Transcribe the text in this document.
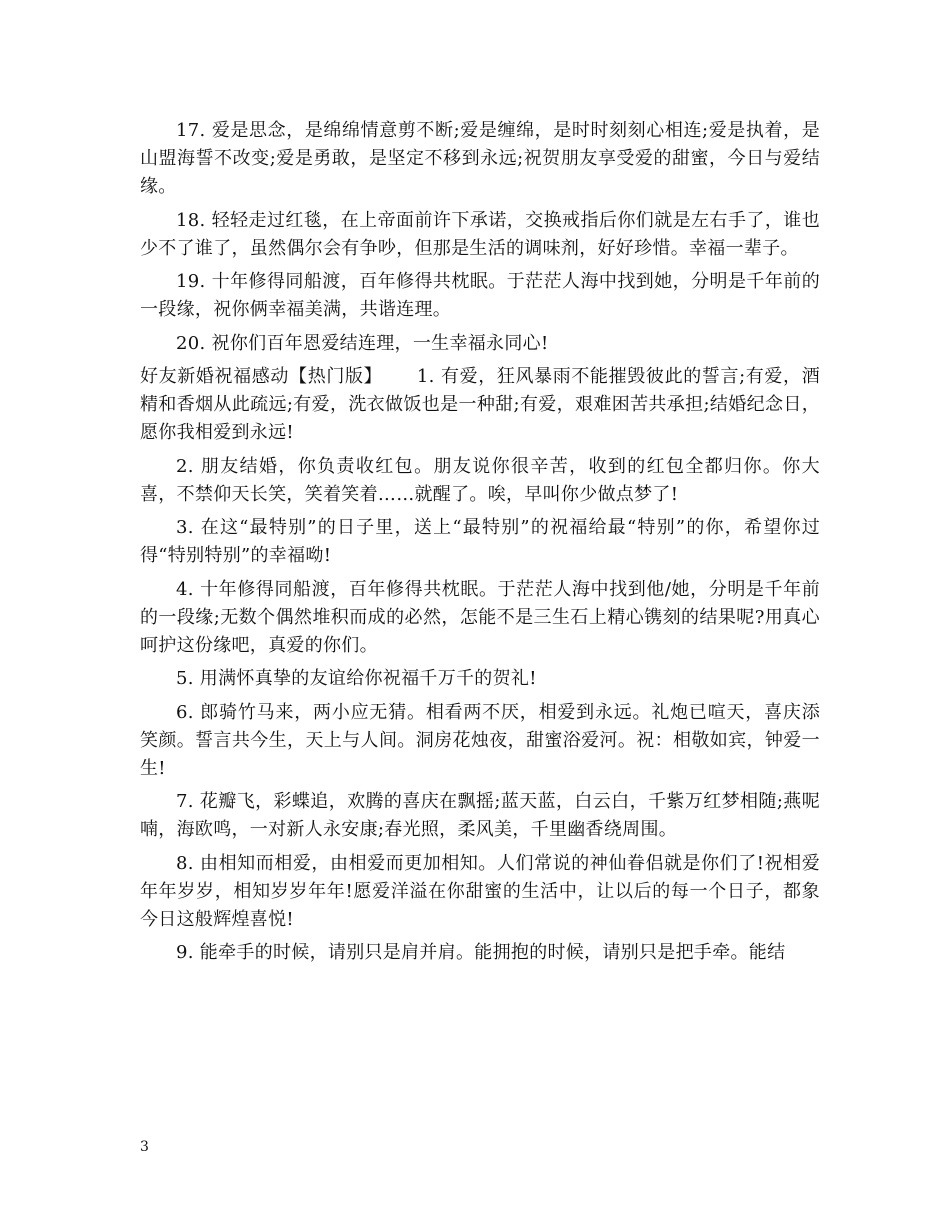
17. 爱是思念，是绵绵情意剪不断;爱是缠绵，是时时刻刻心相连;爱是执着，是山盟海誓不改变;爱是勇敢，是坚定不移到永远;祝贺朋友享受爱的甜蜜，今日与爱结缘。

18. 轻轻走过红毯，在上帝面前许下承诺，交换戒指后你们就是左右手了，谁也少不了谁了，虽然偶尔会有争吵，但那是生活的调味剂，好好珍惜。幸福一辈子。

19. 十年修得同船渡，百年修得共枕眠。于茫茫人海中找到她，分明是千年前的一段缘，祝你俩幸福美满，共谐连理。

20. 祝你们百年恩爱结连理，一生幸福永同心!

好友新婚祝福感动【热门版】　　 1. 有爱，狂风暴雨不能摧毁彼此的誓言;有爱，酒精和香烟从此疏远;有爱，洗衣做饭也是一种甜;有爱，艰难困苦共承担;结婚纪念日，愿你我相爱到永远!

2. 朋友结婚，你负责收红包。朋友说你很辛苦，收到的红包全都归你。你大喜，不禁仰天长笑，笑着笑着……就醒了。唉，早叫你少做点梦了!

3. 在这“最特别”的日子里，送上“最特别”的祝福给最“特别”的你，希望你过得“特别特别”的幸福呦!

4. 十年修得同船渡，百年修得共枕眠。于茫茫人海中找到他/她，分明是千年前的一段缘;无数个偶然堆积而成的必然，怎能不是三生石上精心镌刻的结果呢?用真心呵护这份缘吧，真爱的你们。

5. 用满怀真挚的友谊给你祝福千万千的贺礼!

6. 郎骑竹马来，两小应无猜。相看两不厌，相爱到永远。礼炮已喧天，喜庆添笑颜。誓言共今生，天上与人间。洞房花烛夜，甜蜜浴爱河。祝：相敬如宾，钟爱一生!

7. 花瓣飞，彩蝶追，欢腾的喜庆在飘摇;蓝天蓝，白云白，千紫万红梦相随;燕呢喃，海欧鸣，一对新人永安康;春光照，柔风美，千里幽香绕周围。

8. 由相知而相爱，由相爱而更加相知。人们常说的神仙眷侣就是你们了!祝相爱年年岁岁，相知岁岁年年!愿爱洋溢在你甜蜜的生活中，让以后的每一个日子，都象今日这般辉煌喜悦!

9. 能牵手的时候，请别只是肩并肩。能拥抱的时候，请别只是把手牵。能结

3
